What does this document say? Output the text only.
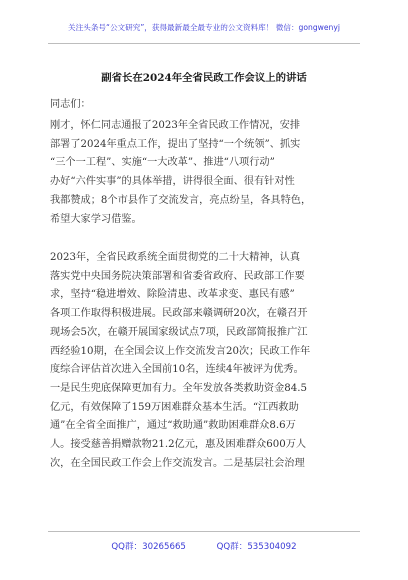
关注头条号“公文研究”，获得最新最全最专业的公文资料库！ 微信：gongwenyj
副省长在2024年全省民政工作会议上的讲话
同志们：
刚才，怀仁同志通报了2023年全省民政工作情况，安排
部署了2024年重点工作，提出了坚持“一个统领”、抓实
“三个一工程”、实施“一大改革”、推进“八项行动”
办好“六件实事”的具体举措，讲得很全面、很有针对性
我都赞成；8个市县作了交流发言，亮点纷呈，各具特色，
希望大家学习借鉴。
2023年，全省民政系统全面贯彻党的二十大精神，认真
落实党中央国务院决策部署和省委省政府、民政部工作要
求，坚持“稳进增效、除险清患、改革求变、惠民有感”
各项工作取得积极进展。民政部来赣调研20次，在赣召开
现场会5次，在赣开展国家级试点7项，民政部简报推广江
西经验10期，在全国会议上作交流发言20次；民政工作年
度综合评估首次进入全国前10名，连续4年被评为优秀。
一是民生兜底保障更加有力。全年发放各类救助资金84.5
亿元，有效保障了159万困难群众基本生活。“江西救助
通”在全省全面推广，通过“救助通”救助困难群众8.6万
人。接受慈善捐赠款物21.2亿元，惠及困难群众600万人
次，在全国民政工作会上作交流发言。二是基层社会治理
QQ群：30265665	QQ群：535304092
